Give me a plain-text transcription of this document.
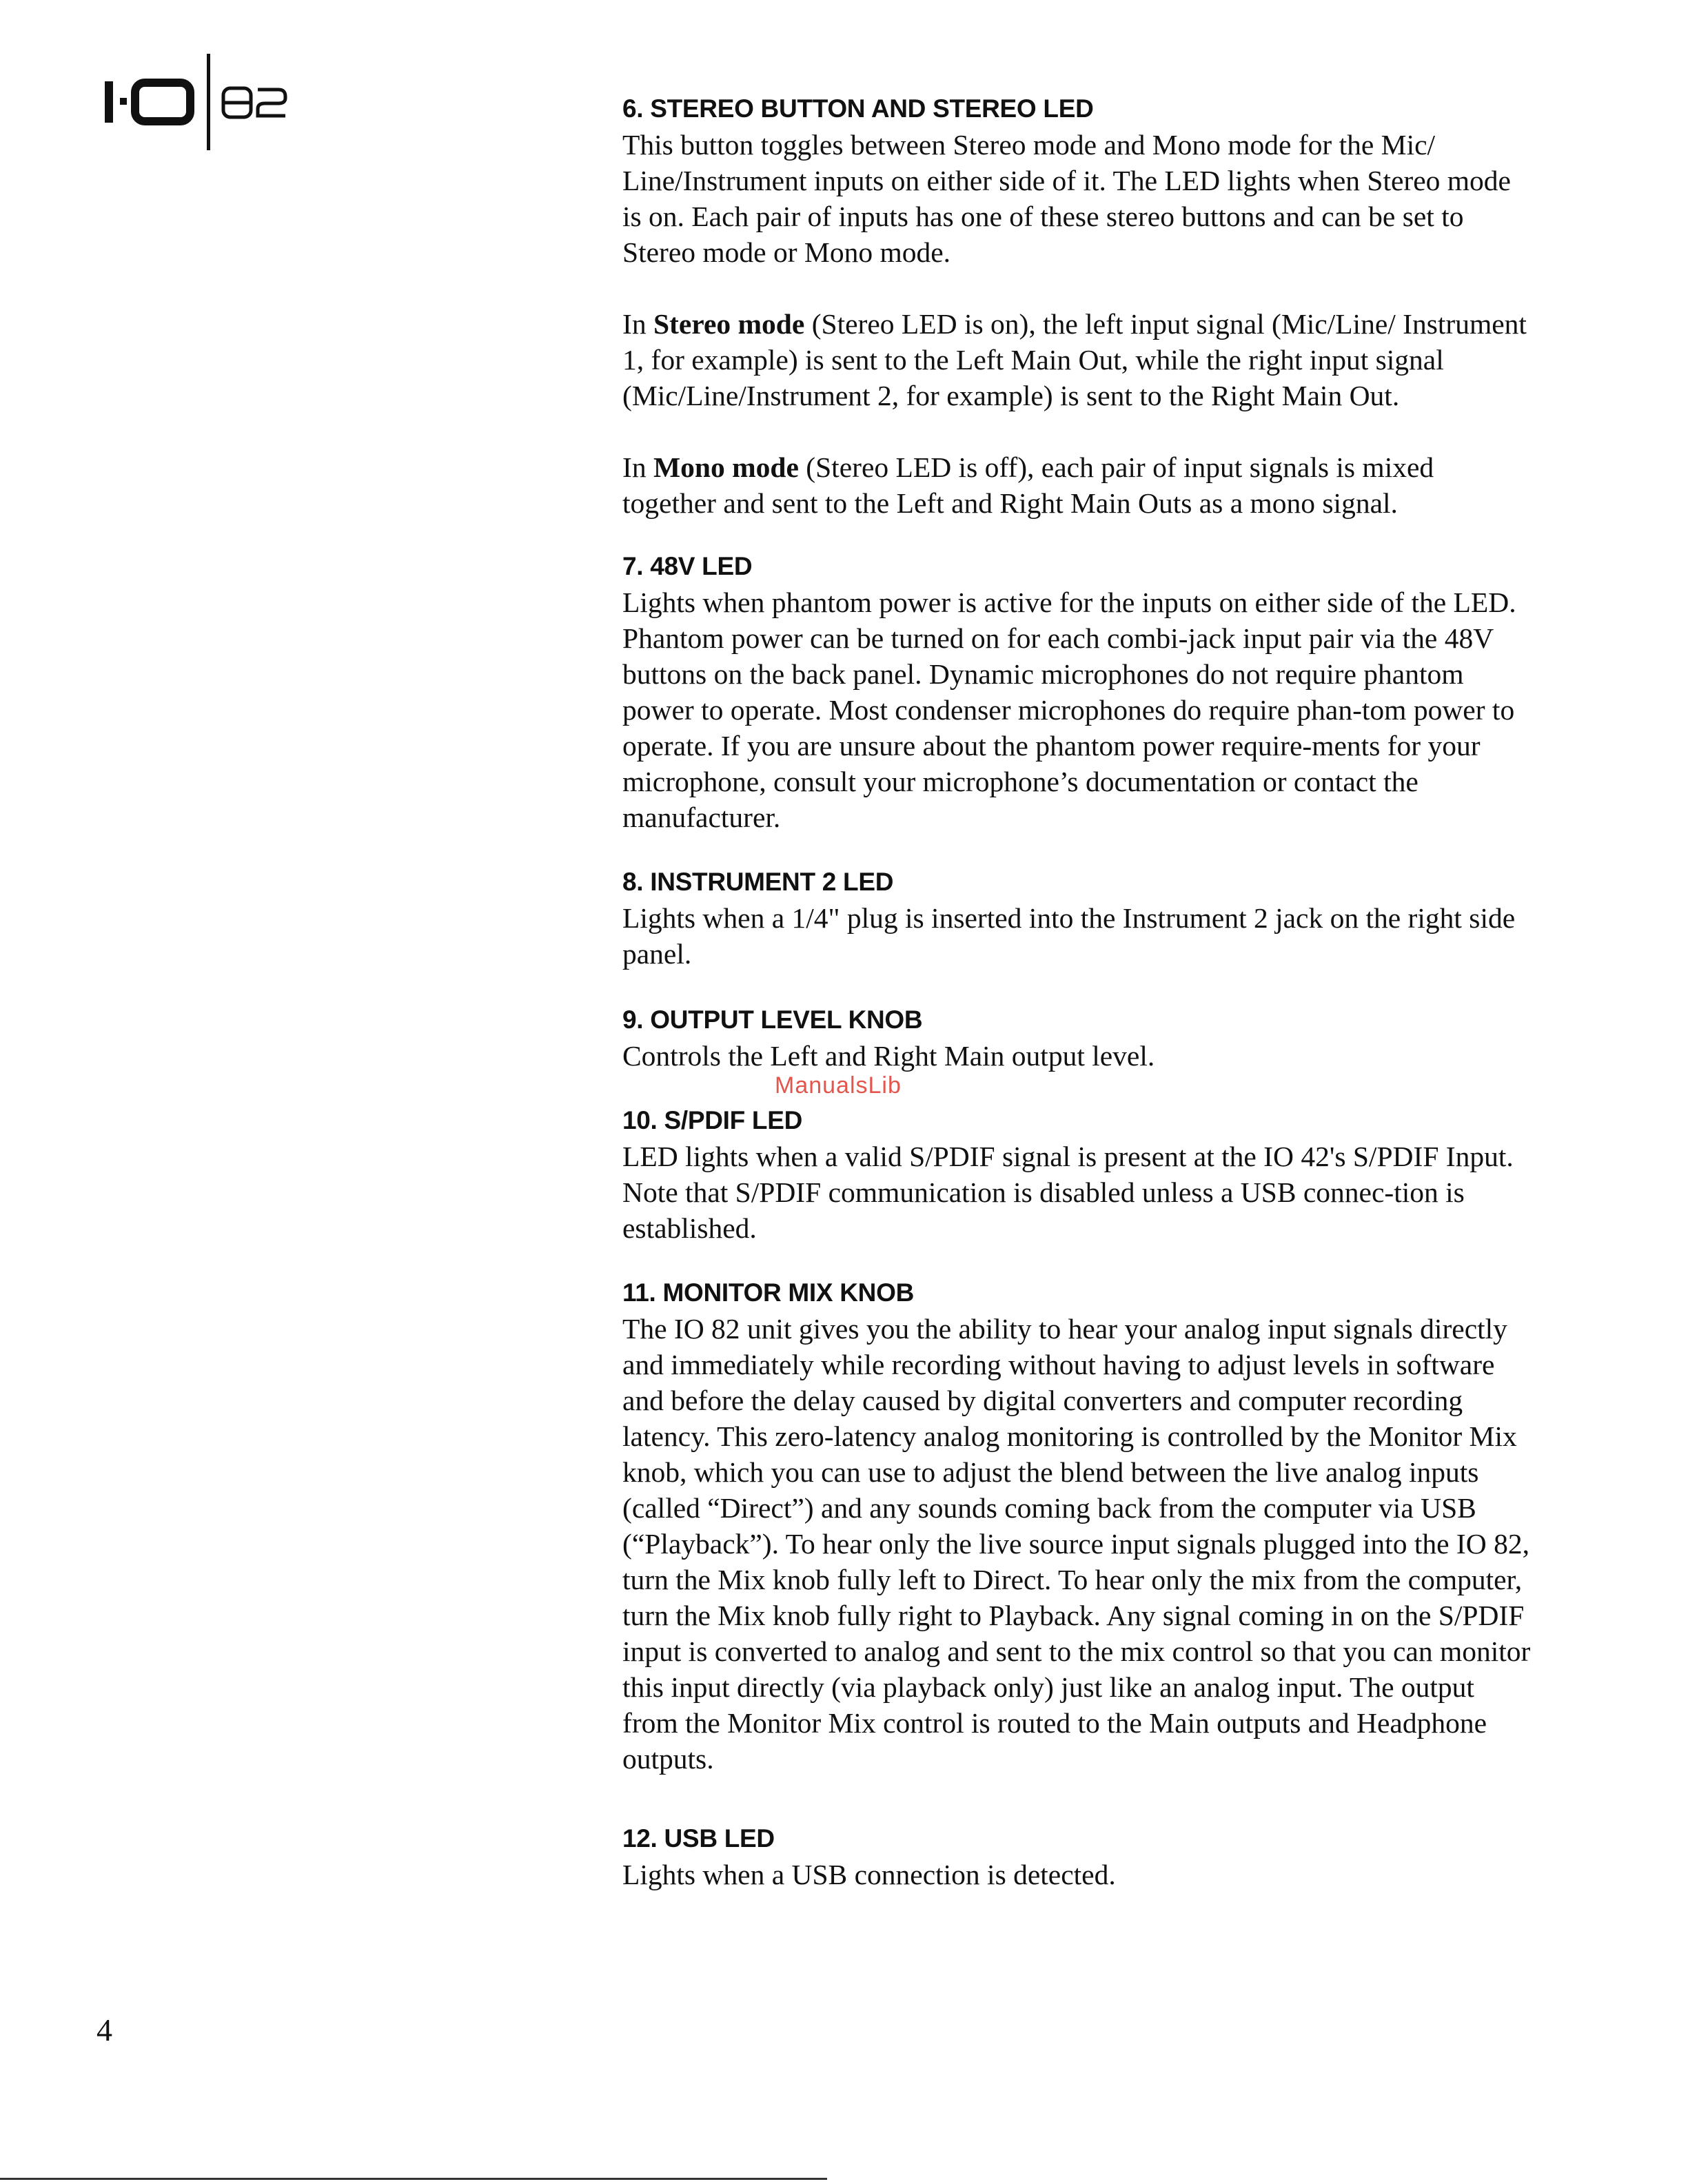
6. STEREO BUTTON AND STEREO LED

This button toggles between Stereo mode and Mono mode for the Mic/ Line/Instrument inputs on either side of it. The LED lights when Stereo mode is on. Each pair of inputs has one of these stereo buttons and can be set to Stereo mode or Mono mode.

In Stereo mode (Stereo LED is on), the left input signal (Mic/Line/ Instrument 1, for example) is sent to the Left Main Out, while the right input signal (Mic/Line/Instrument 2, for example) is sent to the Right Main Out.

In Mono mode (Stereo LED is off), each pair of input signals is mixed together and sent to the Left and Right Main Outs as a mono signal.

7. 48V LED

Lights when phantom power is active for the inputs on either side of the LED. Phantom power can be turned on for each combi-jack input pair via the 48V buttons on the back panel. Dynamic microphones do not require phantom power to operate. Most condenser microphones do require phan-tom power to operate. If you are unsure about the phantom power require-ments for your microphone, consult your microphone’s documentation or contact the manufacturer.

8. INSTRUMENT 2 LED

Lights when a 1/4" plug is inserted into the Instrument 2 jack on the right side panel.

9. OUTPUT LEVEL KNOB

Controls the Left and Right Main output level.

10. S/PDIF LED

LED lights when a valid S/PDIF signal is present at the IO 42's S/PDIF Input. Note that S/PDIF communication is disabled unless a USB connec-tion is established.

11. MONITOR MIX KNOB

The IO 82 unit gives you the ability to hear your analog input signals directly and immediately while recording without having to adjust levels in software and before the delay caused by digital converters and computer recording latency. This zero-latency analog monitoring is controlled by the Monitor Mix knob, which you can use to adjust the blend between the live analog inputs (called “Direct”) and any sounds coming back from the computer via USB (“Playback”). To hear only the live source input signals plugged into the IO 82, turn the Mix knob fully left to Direct. To hear only the mix from the computer, turn the Mix knob fully right to Playback. Any signal coming in on the S/PDIF input is converted to analog and sent to the mix control so that you can monitor this input directly (via playback only) just like an analog input. The output from the Monitor Mix control is routed to the Main outputs and Headphone outputs.

12. USB LED

Lights when a USB connection is detected.

ManualsLib
4
